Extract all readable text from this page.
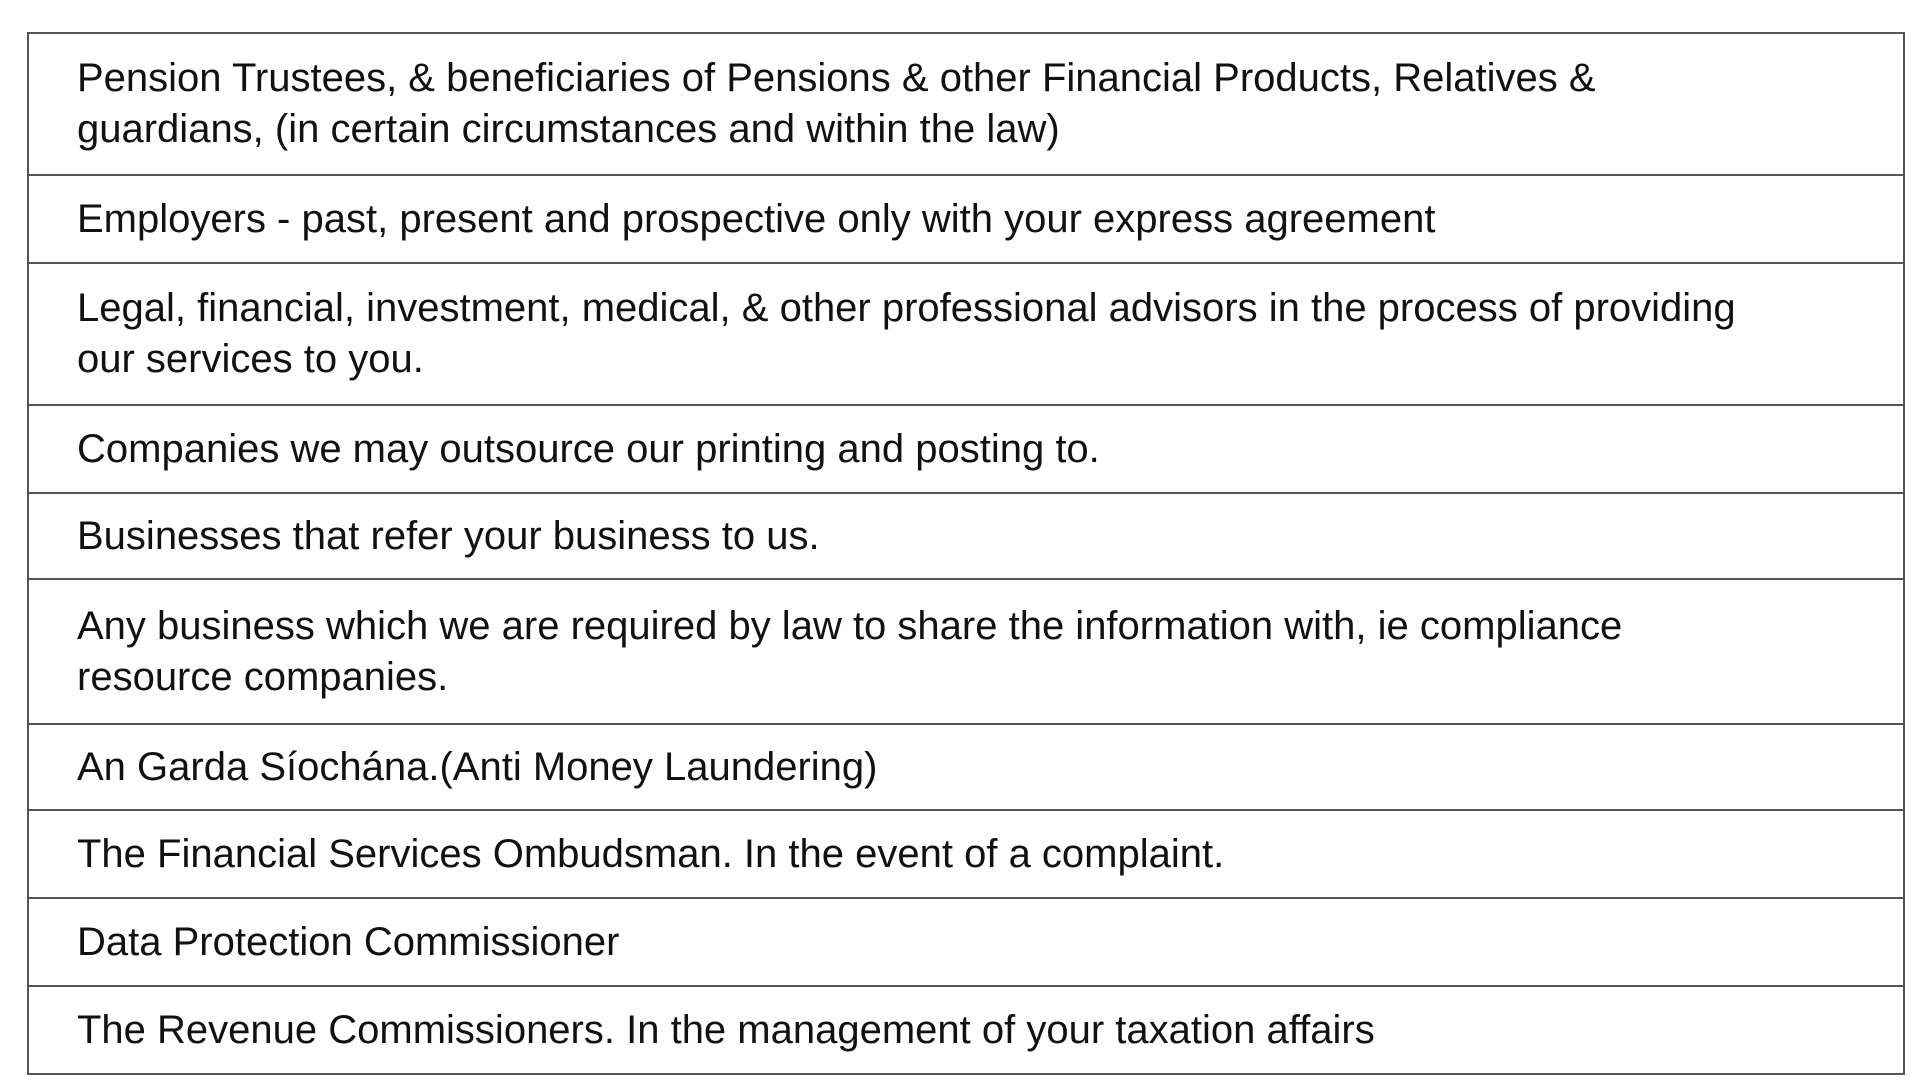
Pension Trustees, & beneficiaries of Pensions & other Financial Products, Relatives & guardians, (in certain circumstances and within the law)

Employers - past, present and prospective only with your express agreement

Legal, financial, investment, medical, & other professional advisors in the process of providing our services to you.

Companies we may outsource our printing and posting to.

Businesses that refer your business to us.

Any business which we are required by law to share the information with, ie compliance resource companies.

An Garda Síochána.(Anti Money Laundering)

The Financial Services Ombudsman. In the event of a complaint.

Data Protection Commissioner

The Revenue Commissioners. In the management of your taxation affairs
